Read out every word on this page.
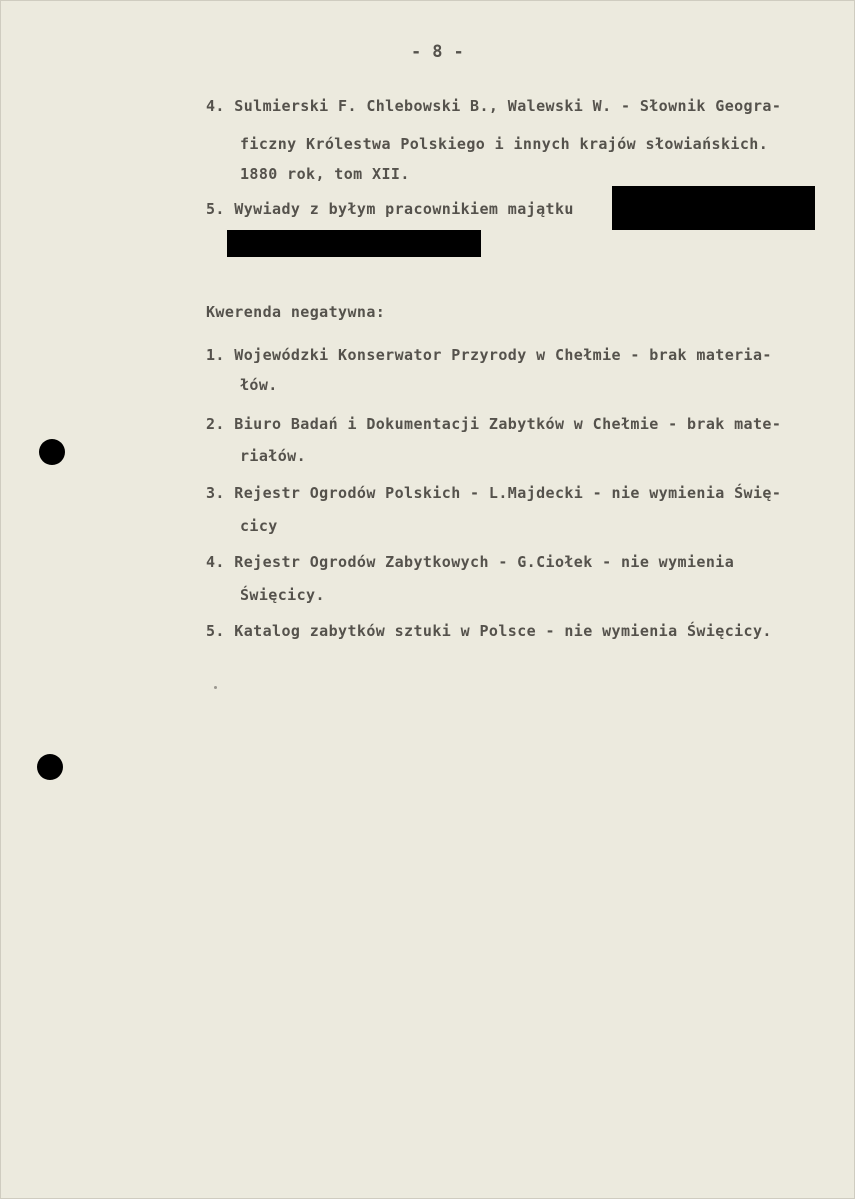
- 8 -
4. Sulmierski F. Chlebowski B., Walewski W. - Słownik Geogra-
ficzny Królestwa Polskiego i innych krajów słowiańskich.
1880 rok, tom XII.
5. Wywiady z byłym pracownikiem majątku
Kwerenda negatywna:
1. Wojewódzki Konserwator Przyrody w Chełmie - brak materia-
łów.
2. Biuro Badań i Dokumentacji Zabytków w Chełmie - brak mate-
riałów.
3. Rejestr Ogrodów Polskich - L.Majdecki - nie wymienia Świę-
cicy
4. Rejestr Ogrodów Zabytkowych - G.Ciołek - nie wymienia
Święcicy.
5. Katalog zabytków sztuki w Polsce - nie wymienia Święcicy.
